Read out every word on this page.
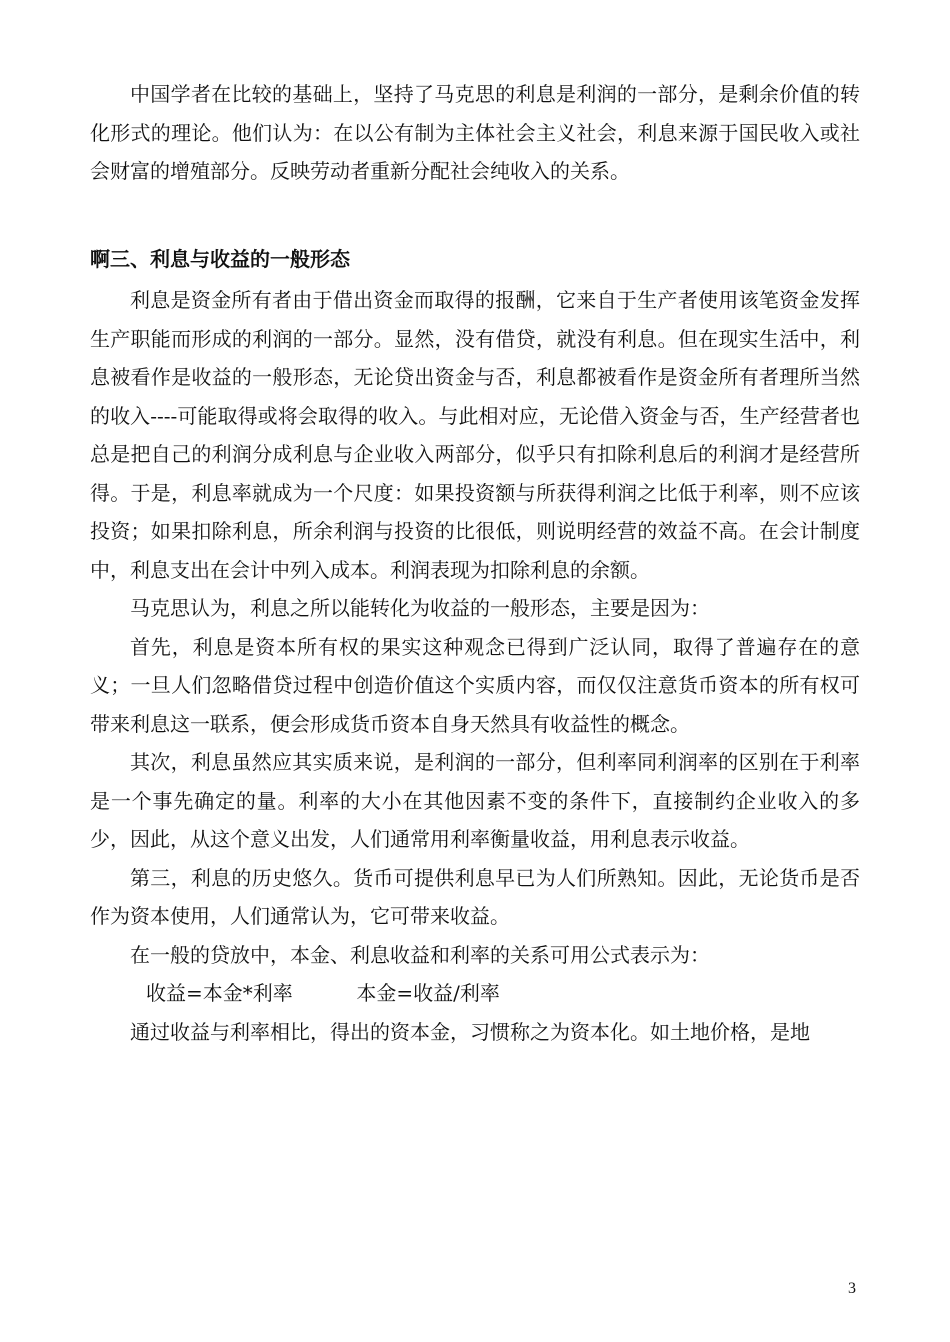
中国学者在比较的基础上，坚持了马克思的利息是利润的一部分，是剩余价值的转化形式的理论。他们认为：在以公有制为主体社会主义社会，利息来源于国民收入或社会财富的增殖部分。反映劳动者重新分配社会纯收入的关系。

啊三、利息与收益的一般形态

利息是资金所有者由于借出资金而取得的报酬，它来自于生产者使用该笔资金发挥生产职能而形成的利润的一部分。显然，没有借贷，就没有利息。但在现实生活中，利息被看作是收益的一般形态，无论贷出资金与否，利息都被看作是资金所有者理所当然的收入----可能取得或将会取得的收入。与此相对应，无论借入资金与否，生产经营者也总是把自己的利润分成利息与企业收入两部分，似乎只有扣除利息后的利润才是经营所得。于是，利息率就成为一个尺度：如果投资额与所获得利润之比低于利率，则不应该投资；如果扣除利息，所余利润与投资的比很低，则说明经营的效益不高。在会计制度中，利息支出在会计中列入成本。利润表现为扣除利息的余额。

马克思认为，利息之所以能转化为收益的一般形态，主要是因为：

首先，利息是资本所有权的果实这种观念已得到广泛认同，取得了普遍存在的意义；一旦人们忽略借贷过程中创造价值这个实质内容，而仅仅注意货币资本的所有权可带来利息这一联系，便会形成货币资本自身天然具有收益性的概念。

其次，利息虽然应其实质来说，是利润的一部分，但利率同利润率的区别在于利率是一个事先确定的量。利率的大小在其他因素不变的条件下，直接制约企业收入的多少，因此，从这个意义出发，人们通常用利率衡量收益，用利息表示收益。

第三，利息的历史悠久。货币可提供利息早已为人们所熟知。因此，无论货币是否作为资本使用，人们通常认为，它可带来收益。

在一般的贷放中，本金、利息收益和利率的关系可用公式表示为：

收益=本金*利率	本金=收益/利率

通过收益与利率相比，得出的资本金，习惯称之为资本化。如土地价格，是地

3
